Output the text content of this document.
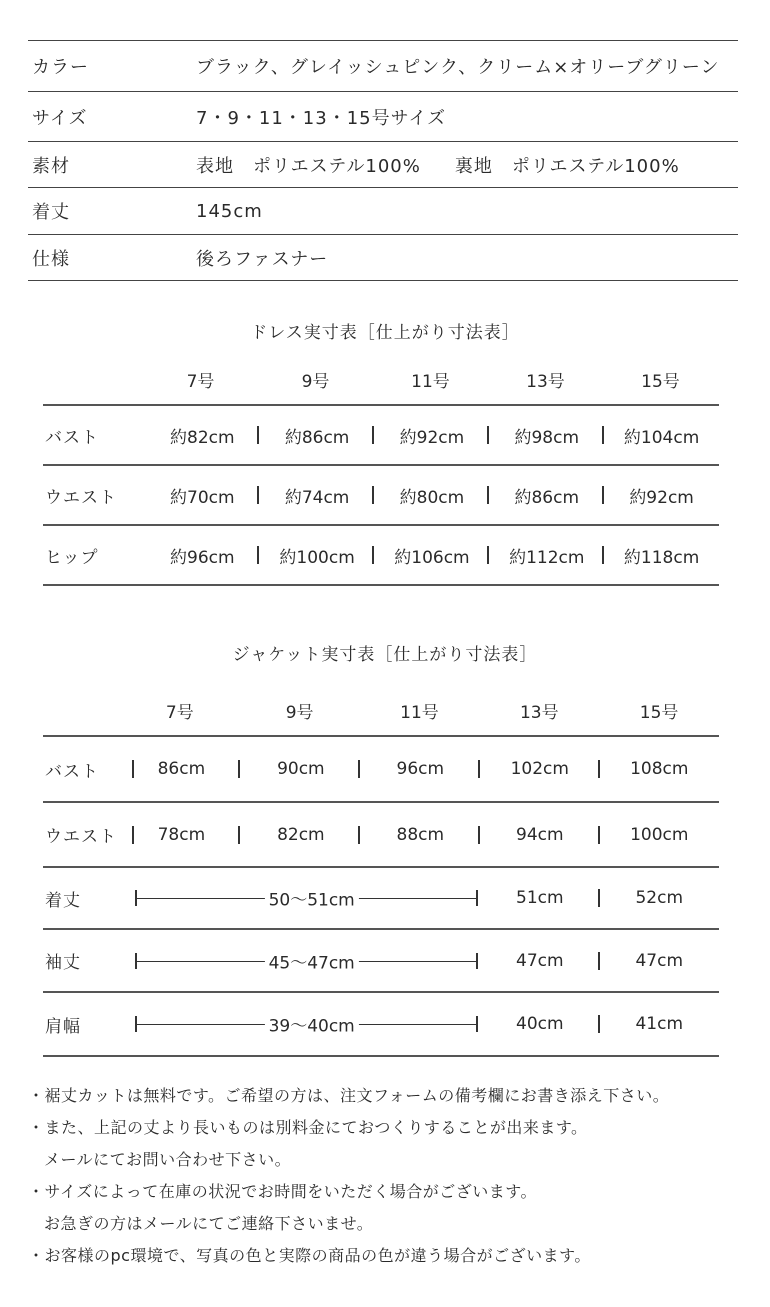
カラー	ブラック、グレイッシュピンク、クリーム×オリーブグリーン
サイズ	7・9・11・13・15号サイズ
素材	表地　ポリエステル100% 裏地　ポリエステル100%
着丈	145cm
仕様	後ろファスナー
ドレス実寸表［仕上がり寸法表］
7号	9号	11号	13号	15号
バスト	約82cm	約86cm	約92cm	約98cm	約104cm
ウエスト	約70cm	約74cm	約80cm	約86cm	約92cm
ヒップ	約96cm	約100cm	約106cm	約112cm	約118cm
ジャケット実寸表［仕上がり寸法表］
7号	9号	11号	13号	15号
バスト	86cm	90cm	96cm	102cm	108cm
ウエスト	78cm	82cm	88cm	94cm	100cm
着丈	50〜51cm	51cm	52cm
袖丈	45〜47cm	47cm	47cm
肩幅	39〜40cm	40cm	41cm
・裾丈カットは無料です。ご希望の方は、注文フォームの備考欄にお書き添え下さい。
・また、上記の丈より長いものは別料金にておつくりすることが出来ます。
メールにてお問い合わせ下さい。
・サイズによって在庫の状況でお時間をいただく場合がございます。
お急ぎの方はメールにてご連絡下さいませ。
・お客様のpc環境で、写真の色と実際の商品の色が違う場合がございます。
